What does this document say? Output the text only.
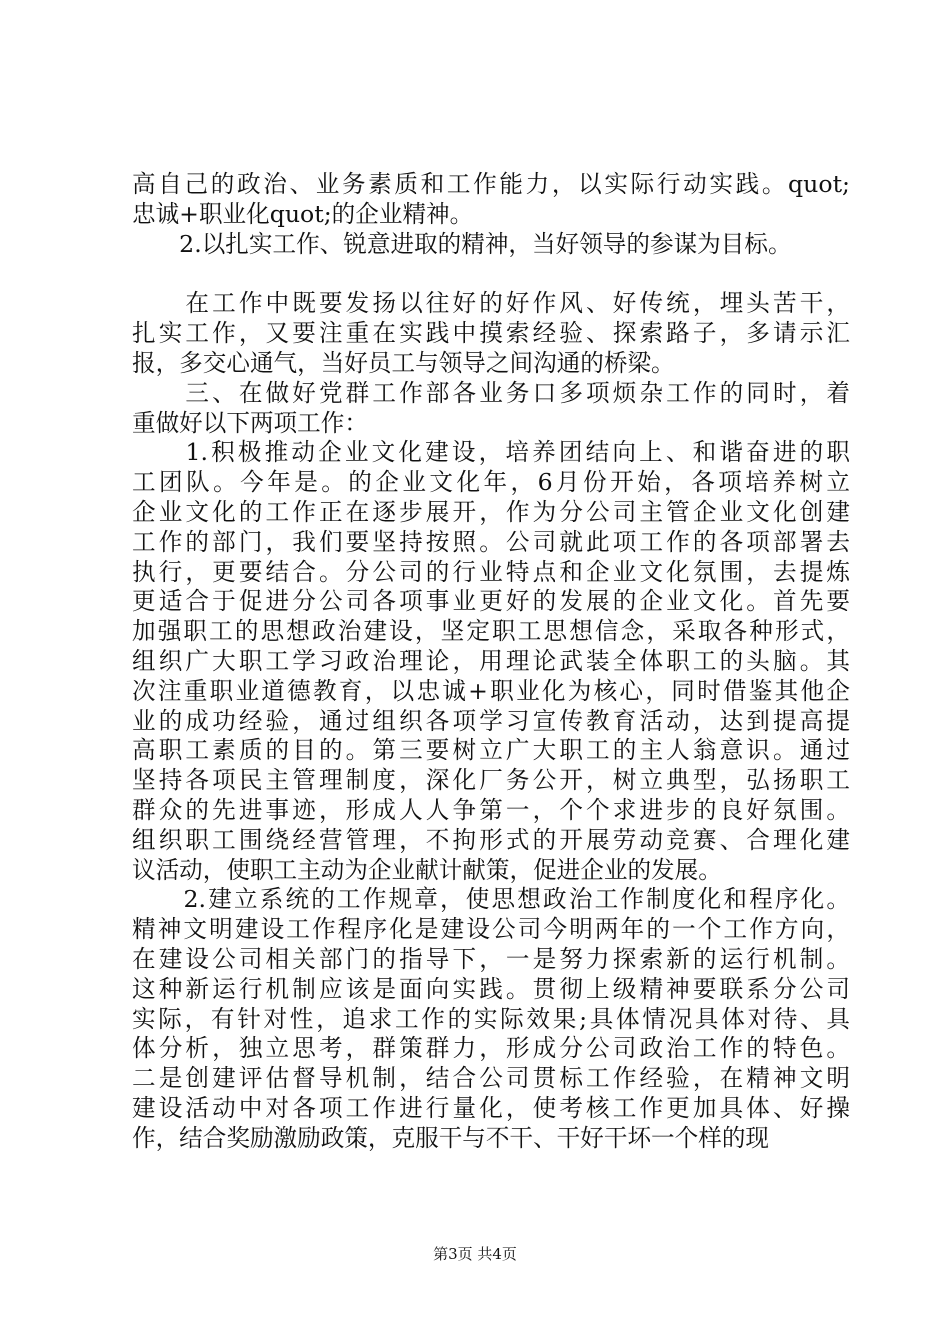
高自己的政治、业务素质和工作能力，以实际行动实践。quot;
忠诚+职业化quot;的企业精神。
　　2.以扎实工作、锐意进取的精神，当好领导的参谋为目标。
　　在工作中既要发扬以往好的好作风、好传统，埋头苦干，
扎实工作，又要注重在实践中摸索经验、探索路子，多请示汇
报，多交心通气，当好员工与领导之间沟通的桥梁。
　　三、在做好党群工作部各业务口多项烦杂工作的同时，着
重做好以下两项工作：
　　1.积极推动企业文化建设，培养团结向上、和谐奋进的职
工团队。今年是。的企业文化年，6月份开始，各项培养树立
企业文化的工作正在逐步展开，作为分公司主管企业文化创建
工作的部门，我们要坚持按照。公司就此项工作的各项部署去
执行，更要结合。分公司的行业特点和企业文化氛围，去提炼
更适合于促进分公司各项事业更好的发展的企业文化。首先要
加强职工的思想政治建设，坚定职工思想信念，采取各种形式，
组织广大职工学习政治理论，用理论武装全体职工的头脑。其
次注重职业道德教育，以忠诚+职业化为核心，同时借鉴其他企
业的成功经验，通过组织各项学习宣传教育活动，达到提高提
高职工素质的目的。第三要树立广大职工的主人翁意识。通过
坚持各项民主管理制度，深化厂务公开，树立典型，弘扬职工
群众的先进事迹，形成人人争第一，个个求进步的良好氛围。
组织职工围绕经营管理，不拘形式的开展劳动竞赛、合理化建
议活动，使职工主动为企业献计献策，促进企业的发展。
　　2.建立系统的工作规章，使思想政治工作制度化和程序化。
精神文明建设工作程序化是建设公司今明两年的一个工作方向，
在建设公司相关部门的指导下，一是努力探索新的运行机制。
这种新运行机制应该是面向实践。贯彻上级精神要联系分公司
实际，有针对性，追求工作的实际效果;具体情况具体对待、具
体分析，独立思考，群策群力，形成分公司政治工作的特色。
二是创建评估督导机制，结合公司贯标工作经验，在精神文明
建设活动中对各项工作进行量化，使考核工作更加具体、好操
作，结合奖励激励政策，克服干与不干、干好干坏一个样的现
第3页 共4页
